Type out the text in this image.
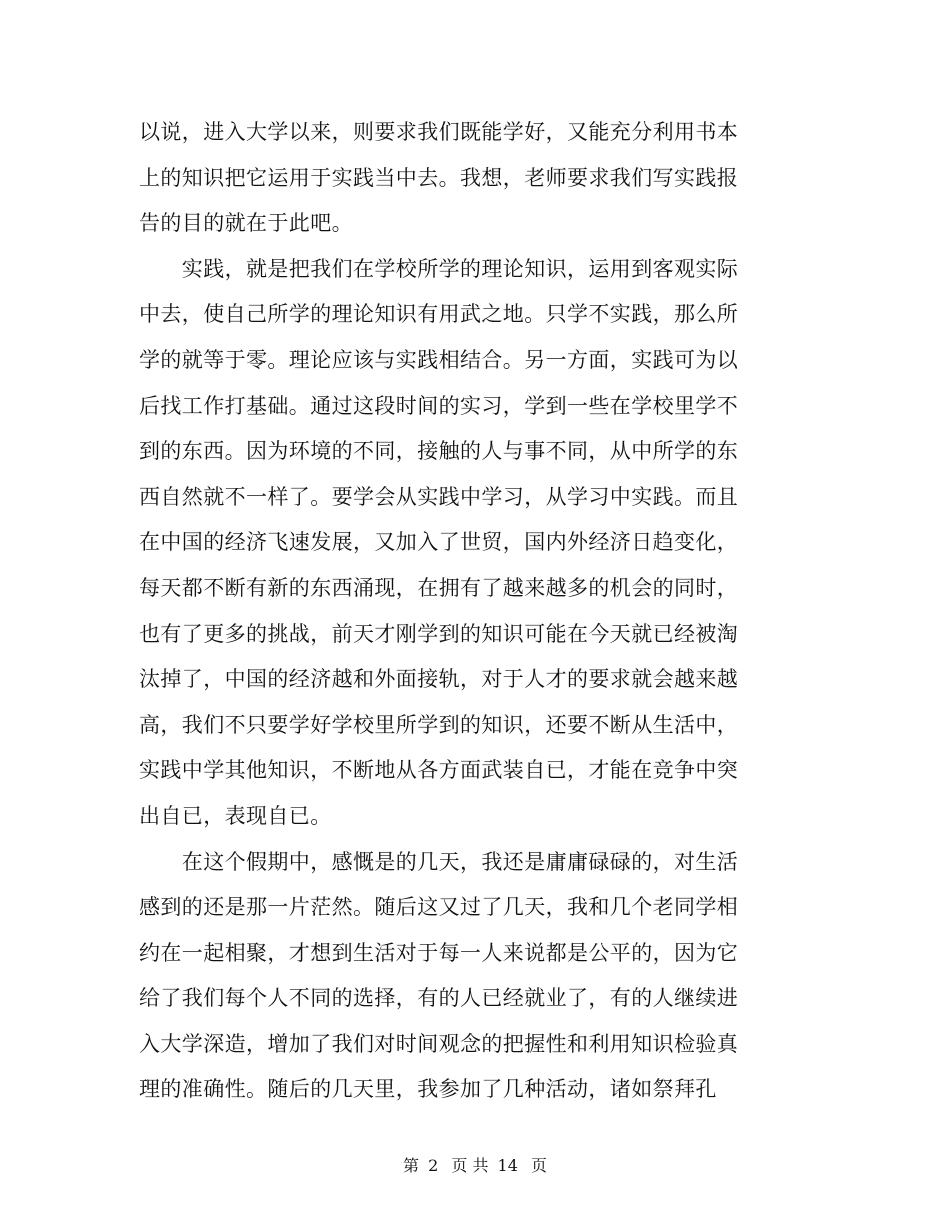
以说，进入大学以来，则要求我们既能学好，又能充分利用书本
上的知识把它运用于实践当中去。我想，老师要求我们写实践报
告的目的就在于此吧。
　　实践，就是把我们在学校所学的理论知识，运用到客观实际
中去，使自己所学的理论知识有用武之地。只学不实践，那么所
学的就等于零。理论应该与实践相结合。另一方面，实践可为以
后找工作打基础。通过这段时间的实习，学到一些在学校里学不
到的东西。因为环境的不同，接触的人与事不同，从中所学的东
西自然就不一样了。要学会从实践中学习，从学习中实践。而且
在中国的经济飞速发展，又加入了世贸，国内外经济日趋变化，
每天都不断有新的东西涌现，在拥有了越来越多的机会的同时，
也有了更多的挑战，前天才刚学到的知识可能在今天就已经被淘
汰掉了，中国的经济越和外面接轨，对于人才的要求就会越来越
高，我们不只要学好学校里所学到的知识，还要不断从生活中，
实践中学其他知识，不断地从各方面武装自已，才能在竞争中突
出自已，表现自已。
　　在这个假期中，感慨是的几天，我还是庸庸碌碌的，对生活
感到的还是那一片茫然。随后这又过了几天，我和几个老同学相
约在一起相聚，才想到生活对于每一人来说都是公平的，因为它
给了我们每个人不同的选择，有的人已经就业了，有的人继续进
入大学深造，增加了我们对时间观念的把握性和利用知识检验真
理的准确性。随后的几天里，我参加了几种活动，诸如祭拜孔
第 2 页 共 14 页
